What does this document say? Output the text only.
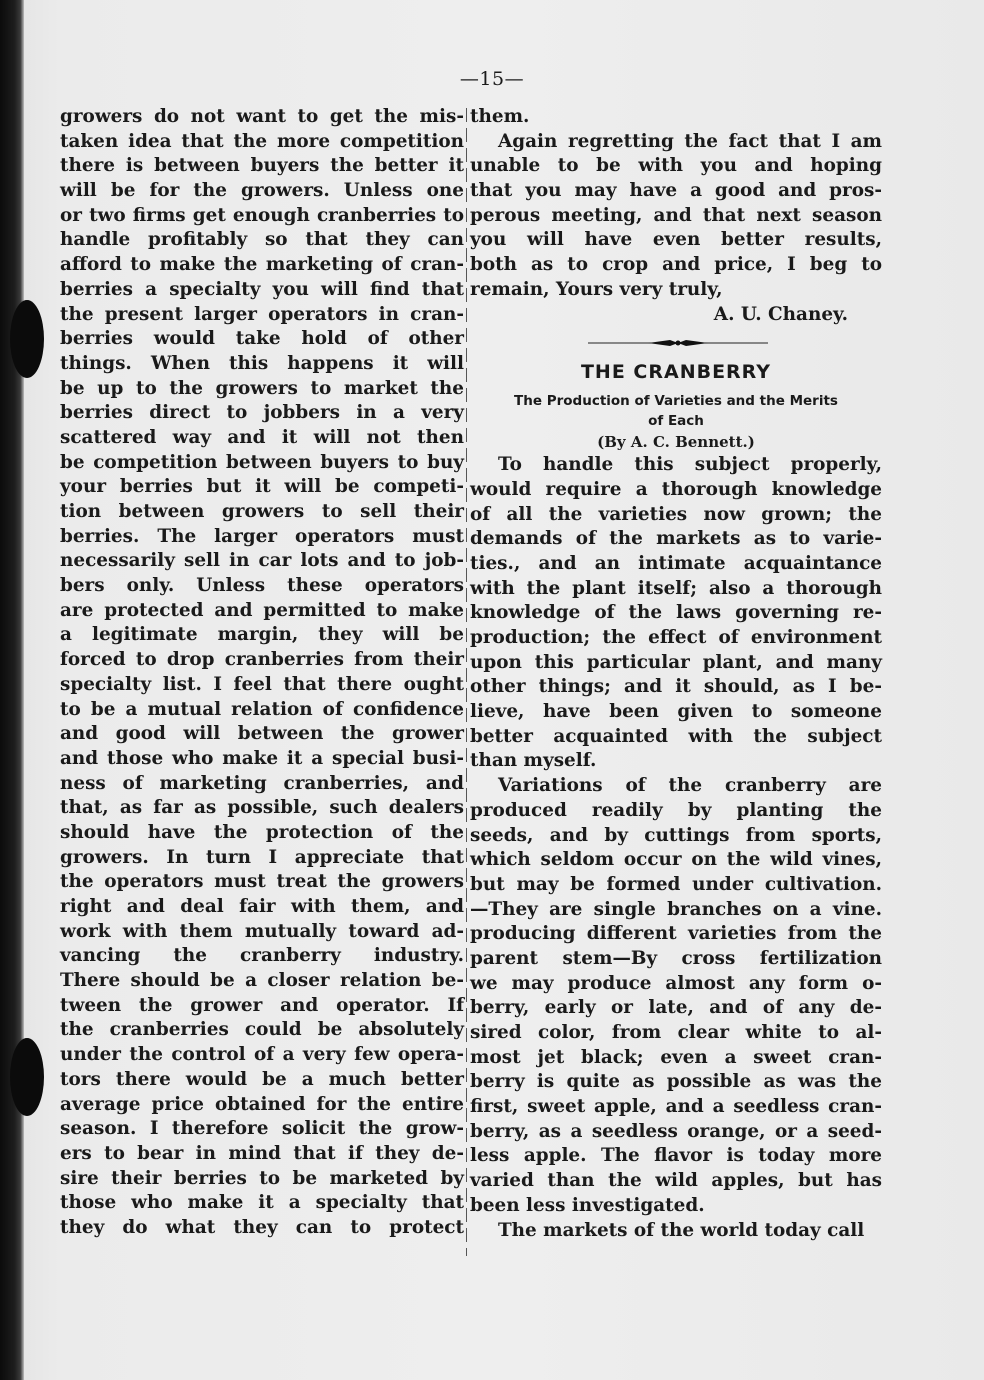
—15—
growers do not want to get the mis-
taken idea that the more competition
there is between buyers the better it
will be for the growers. Unless one
or two firms get enough cranberries to
handle profitably so that they can
afford to make the marketing of cran-
berries a specialty you will find that
the present larger operators in cran-
berries would take hold of other
things. When this happens it will
be up to the growers to market the
berries direct to jobbers in a very
scattered way and it will not then
be competition between buyers to buy
your berries but it will be competi-
tion between growers to sell their
berries. The larger operators must
necessarily sell in car lots and to job-
bers only. Unless these operators
are protected and permitted to make
a legitimate margin, they will be
forced to drop cranberries from their
specialty list. I feel that there ought
to be a mutual relation of confidence
and good will between the grower
and those who make it a special busi-
ness of marketing cranberries, and
that, as far as possible, such dealers
should have the protection of the
growers. In turn I appreciate that
the operators must treat the growers
right and deal fair with them, and
work with them mutually toward ad-
vancing the cranberry industry.
There should be a closer relation be-
tween the grower and operator. If
the cranberries could be absolutely
under the control of a very few opera-
tors there would be a much better
average price obtained for the entire
season. I therefore solicit the grow-
ers to bear in mind that if they de-
sire their berries to be marketed by
those who make it a specialty that
they do what they can to protect
them.
Again regretting the fact that I am
unable to be with you and hoping
that you may have a good and pros-
perous meeting, and that next season
you will have even better results,
both as to crop and price, I beg to
remain, Yours very truly,
A. U. Chaney.
THE CRANBERRY
The Production of Varieties and the Merits
of Each
(By A. C. Bennett.)
To handle this subject properly,
would require a thorough knowledge
of all the varieties now grown; the
demands of the markets as to varie-
ties., and an intimate acquaintance
with the plant itself; also a thorough
knowledge of the laws governing re-
production; the effect of environment
upon this particular plant, and many
other things; and it should, as I be-
lieve, have been given to someone
better acquainted with the subject
than myself.
Variations of the cranberry are
produced readily by planting the
seeds, and by cuttings from sports,
which seldom occur on the wild vines,
but may be formed under cultivation.
—They are single branches on a vine.
producing different varieties from the
parent stem—By cross fertilization
we may produce almost any form o-
berry, early or late, and of any de-
sired color, from clear white to al-
most jet black; even a sweet cran-
berry is quite as possible as was the
first, sweet apple, and a seedless cran-
berry, as a seedless orange, or a seed-
less apple. The flavor is today more
varied than the wild apples, but has
been less investigated.
The markets of the world today call
